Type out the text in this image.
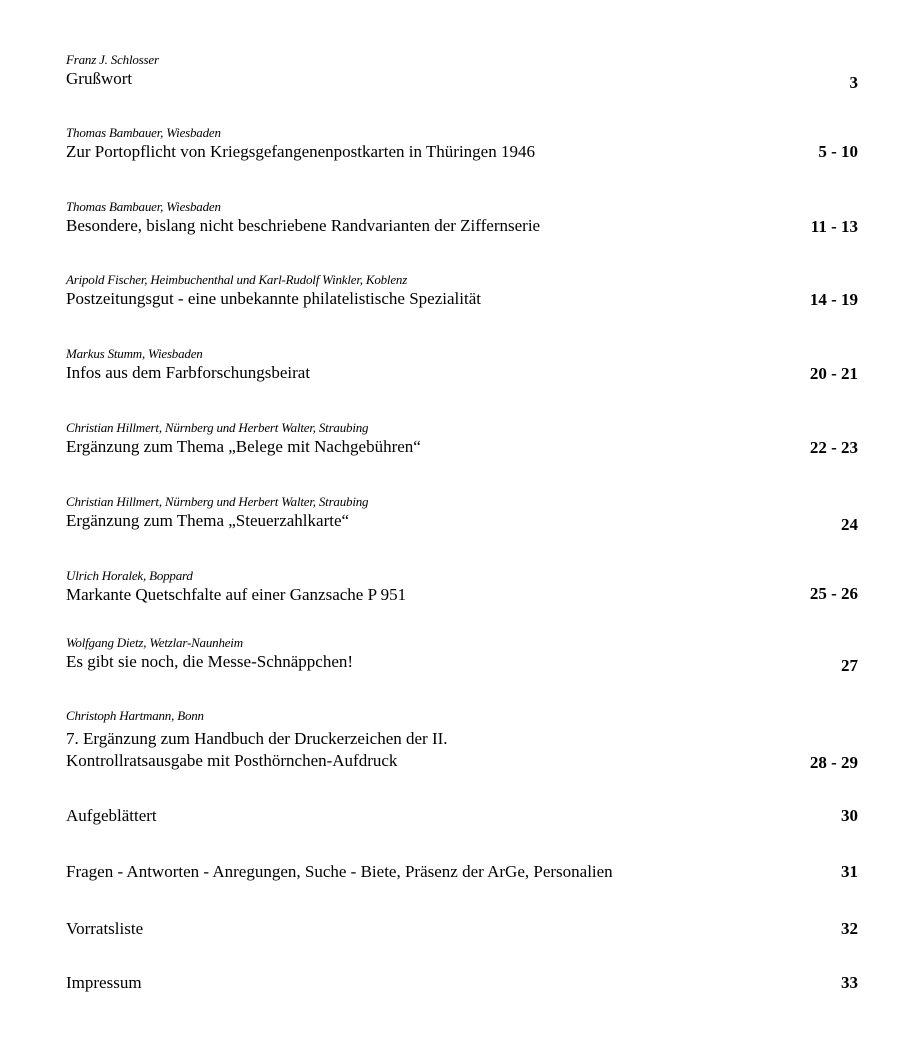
Franz J. Schlosser
Grußwort	3
Thomas Bambauer, Wiesbaden
Zur Portopflicht von Kriegsgefangenenpostkarten in Thüringen 1946	5 - 10
Thomas Bambauer, Wiesbaden
Besondere, bislang nicht beschriebene Randvarianten der Ziffernserie	11 - 13
Aripold Fischer, Heimbuchenthal und Karl-Rudolf Winkler, Koblenz
Postzeitungsgut - eine unbekannte philatelistische Spezialität	14 - 19
Markus Stumm, Wiesbaden
Infos aus dem Farbforschungsbeirat	20 - 21
Christian Hillmert, Nürnberg und Herbert Walter, Straubing
Ergänzung zum Thema „Belege mit Nachgebühren“	22 - 23
Christian Hillmert, Nürnberg und Herbert Walter, Straubing
Ergänzung zum Thema „Steuerzahlkarte“	24
Ulrich Horalek, Boppard
Markante Quetschfalte auf einer Ganzsache P 951	25 - 26
Wolfgang Dietz, Wetzlar-Naunheim
Es gibt sie noch, die Messe-Schnäppchen!	27
Christoph Hartmann, Bonn
7. Ergänzung zum Handbuch der Druckerzeichen der II.
Kontrollratsausgabe mit Posthörnchen-Aufdruck	28 - 29
Aufgeblättert	30
Fragen - Antworten - Anregungen, Suche - Biete, Präsenz der ArGe, Personalien	31
Vorratsliste	32
Impressum	33
